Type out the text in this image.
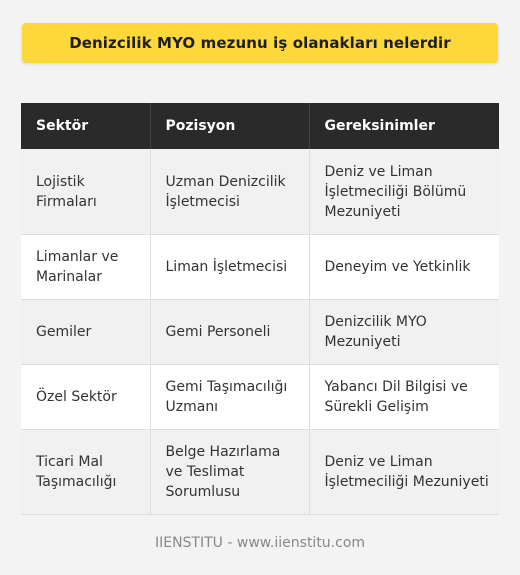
Denizcilik MYO mezunu iş olanakları nelerdir
Sektör	Pozisyon	Gereksinimler
Lojistik Firmaları	Uzman Denizcilik İşletmecisi	Deniz ve Liman İşletmeciliği Bölümü Mezuniyeti
Limanlar ve Marinalar	Liman İşletmecisi	Deneyim ve Yetkinlik
Gemiler	Gemi Personeli	Denizcilik MYO Mezuniyeti
Özel Sektör	Gemi Taşımacılığı Uzmanı	Yabancı Dil Bilgisi ve Sürekli Gelişim
Ticari Mal Taşımacılığı	Belge Hazırlama ve Teslimat Sorumlusu	Deniz ve Liman İşletmeciliği Mezuniyeti
IIENSTITU - www.iienstitu.com
